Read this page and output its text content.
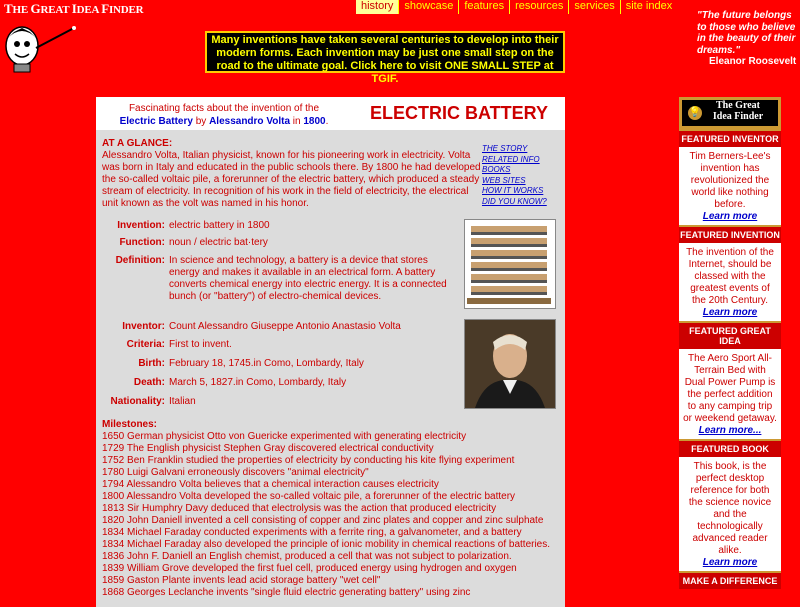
THE GREAT IDEA FINDER	history	showcase	features	resources	services	site index
"The future belongs to those who believe in the beauty of their dreams."
Eleanor Roosevelt
Many inventions have taken several centuries to develop into their modern forms. Each invention may be just one small step on the road to the ultimate goal. Click here to visit ONE SMALL STEP at TGIF.
Fascinating facts about the invention of the
Electric Battery by Alessandro Volta in 1800.	ELECTRIC BATTERY
AT A GLANCE:
Alessandro Volta, Italian physicist, known for his pioneering work in electricity. Volta was born in Italy and educated in the public schools there. By 1800 he had developed the so-called voltaic pile, a forerunner of the electric battery, which produced a steady stream of electricity. In recognition of his work in the field of electricity, the electrical unit known as the volt was named in his honor.
THE STORY
RELATED INFO
BOOKS
WEB SITES
HOW IT WORKS
DID YOU KNOW?
Invention: electric battery in 1800
Function: noun / electric bat·tery
Definition: In science and technology, a battery is a device that stores energy and makes it available in an electrical form. A battery converts chemical energy into electric energy. It is a connected bunch (or "battery") of electro-chemical devices.
Inventor: Count Alessandro Giuseppe Antonio Anastasio Volta
Criteria: First to invent.
Birth: February 18, 1745.in Como, Lombardy, Italy
Death: March 5, 1827.in Como, Lombardy, Italy
Nationality: Italian
Milestones:
1650 German physicist Otto von Guericke experimented with generating electricity
1729 The English physicist Stephen Gray discovered electrical conductivity
1752 Ben Franklin studied the properties of electricity by conducting his kite flying experiment
1780 Luigi Galvani erroneously discovers "animal electricity"
1794 Alessandro Volta believes that a chemical interaction causes electricity
1800 Alessandro Volta developed the so-called voltaic pile, a forerunner of the electric battery
1813 Sir Humphry Davy deduced that electrolysis was the action that produced electricity
1820 John Daniell invented a cell consisting of copper and zinc plates and copper and zinc sulphate
1834 Michael Faraday conducted experiments with a ferrite ring, a galvanometer, and a battery
1834 Michael Faraday also developed the principle of ionic mobility in chemical reactions of batteries.
1836 John F. Daniell an English chemist, produced a cell that was not subject to polarization.
1839 William Grove developed the first fuel cell, produced energy using hydrogen and oxygen
1859 Gaston Plante invents lead acid storage battery "wet cell"
1868 Georges Leclanche invents "single fluid electric generating battery" using zinc
💡
The Great
Idea Finder
FEATURED INVENTOR
Tim Berners-Lee's invention has revolutionized the world like nothing before.
Learn more
FEATURED INVENTION
The invention of the Internet, should be classed with the greatest events of the 20th Century.
Learn more
FEATURED GREAT IDEA
The Aero Sport All-Terrain Bed with Dual Power Pump is the perfect addition to any camping trip or weekend getaway.
Learn more...
FEATURED BOOK
This book, is the perfect desktop reference for both the science novice and the technologically advanced reader alike.
Learn more
MAKE A DIFFERENCE
